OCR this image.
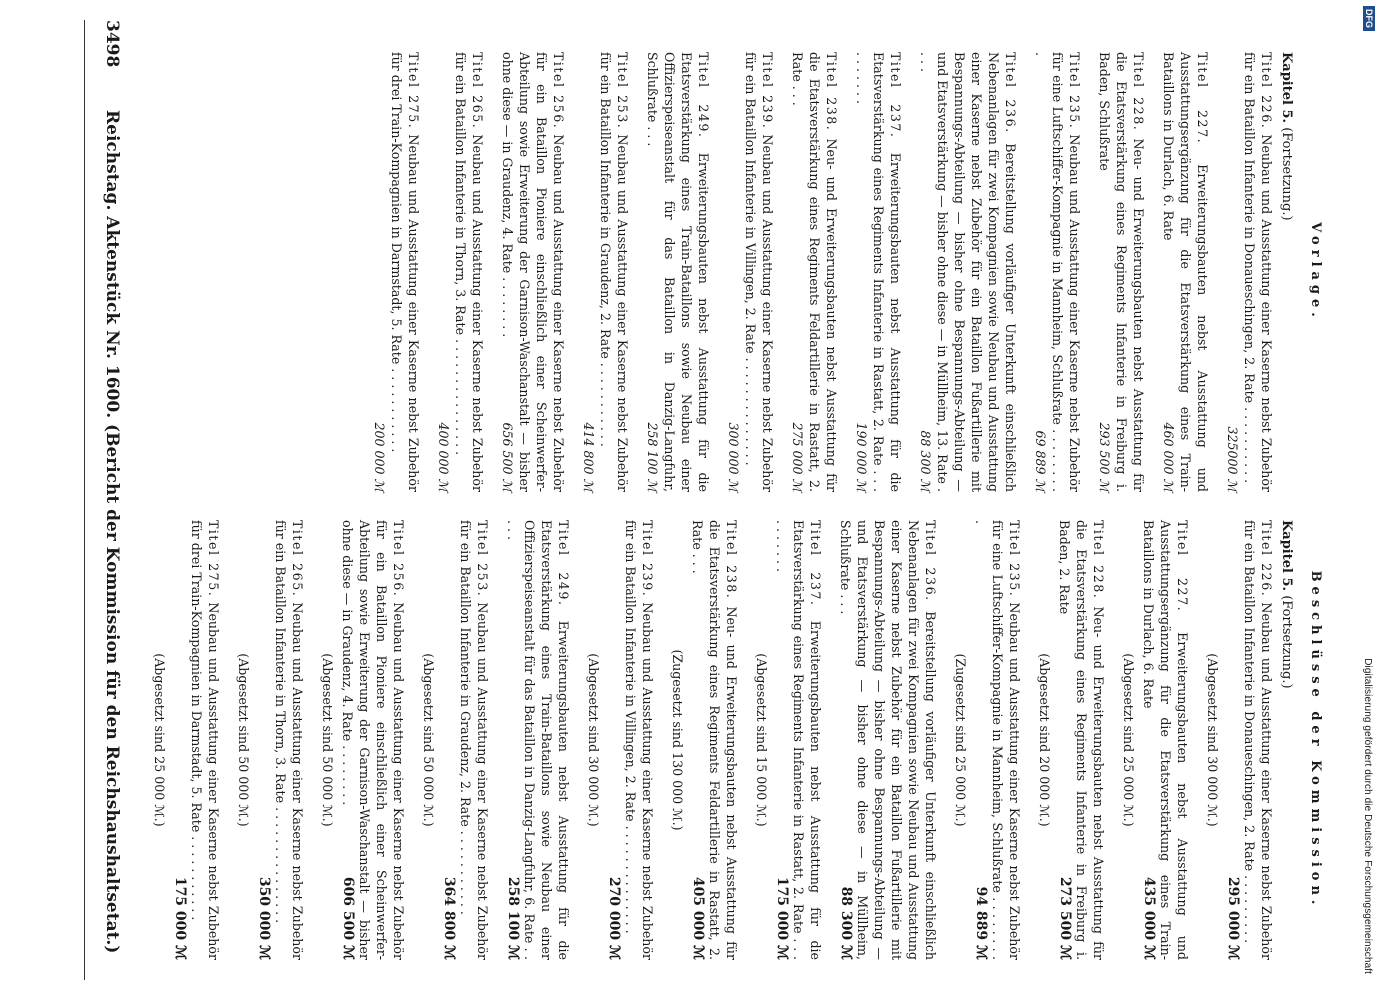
DFG
Digitalisierung gefördert durch die Deutsche Forschungsgemeinschaft
3498
Reichstag. Aktenstück Nr. 1600. (Bericht der Kommission für den Reichshaushaltsetat.)	Vorlage.
Kapitel 5. (Fortsetzung.)
Titel 226. Neubau und Ausstattung einer Kaserne nebst Zubehör für ein Bataillon Infanterie in Donaueschingen, 2. Rate . . . . . . . . . .
325000 ℳ
Titel 227. Erweiterungsbauten nebst Ausstattung und Ausstattungsergänzung für die Etatsverstärkung eines Train-Bataillons in Durlach, 6. Rate
460 000 ℳ
Titel 228. Neu- und Erweiterungsbauten nebst Ausstattung für die Etatsverstärkung eines Regiments Infanterie in Freiburg i. Baden, Schlußrate
293 500 ℳ
Titel 235. Neubau und Ausstattung einer Kaserne nebst Zubehör für eine Luftschiffer-Kompagnie in Mannheim, Schlußrate . . . . . . . . .
69 889 ℳ
Titel 236. Bereitstellung vorläufiger Unterkunft einschließlich Nebenanlagen für zwei Kompagnien sowie Neubau und Ausstattung einer Kaserne nebst Zubehör für ein Bataillon Fußartillerie mit Bespannungs-Abteilung — bisher ohne Bespannungs-Abteilung — und Etatsverstärkung — bisher ohne diese — in Müllheim, 13. Rate . . . .
88 300 ℳ
Titel 237. Erweiterungsbauten nebst Ausstattung für die Etatsverstärkung eines Regiments Infanterie in Rastatt, 2. Rate . . . . . . . . . .
190 000 ℳ
Titel 238. Neu- und Erweiterungsbauten nebst Ausstattung für die Etatsverstärkung eines Regiments Feldartillerie in Rastatt, 2. Rate . . .
275 000 ℳ
Titel 239. Neubau und Ausstattung einer Kaserne nebst Zubehör für ein Bataillon Infanterie in Villingen, 2. Rate . . . . . . . . . . . . . .
300 000 ℳ
Titel 249. Erweiterungsbauten nebst Ausstattung für die Etatsverstärkung eines Train-Bataillons sowie Neubau einer Offizierspeiseanstalt für das Bataillon in Danzig-Langfuhr, Schlußrate . . .
258 100 ℳ
Titel 253. Neubau und Ausstattung einer Kaserne nebst Zubehör für ein Bataillon Infanterie in Graudenz, 2. Rate . . . . . . . . . . .
414 800 ℳ
Titel 256. Neubau und Ausstattung einer Kaserne nebst Zubehör für ein Bataillon Pioniere einschließlich einer Scheinwerfer-Abteilung sowie Erweiterung der Garnison-Waschanstalt — bisher ohne diese — in Graudenz, 4. Rate . . . . . . . .
656 500 ℳ
Titel 265. Neubau und Ausstattung einer Kaserne nebst Zubehör für ein Bataillon Infanterie in Thorn, 3. Rate . . . . . . . . . . . . . . .
400 000 ℳ
Titel 275. Neubau und Ausstattung einer Kaserne nebst Zubehör für drei Train-Kompagnien in Darmstadt, 5. Rate . . . . . . . . . . .
200 000 ℳ
Beschlüsse der Kommission.
Kapitel 5. (Fortsetzung.)
Titel 226. Neubau und Ausstattung einer Kaserne nebst Zubehör für ein Bataillon Infanterie in Donaueschingen, 2. Rate . . . . . . . . .
295 000 ℳ
(Abgesetzt sind 30 000 ℳ.)
Titel 227. Erweiterungsbauten nebst Ausstattung und Ausstattungsergänzung für die Etatsverstärkung eines Train-Bataillons in Durlach, 6. Rate
435 000 ℳ
(Abgesetzt sind 25 000 ℳ.)
Titel 228. Neu- und Erweiterungsbauten nebst Ausstattung für die Etatsverstärkung eines Regiments Infanterie in Freiburg i. Baden, 2. Rate
273 500 ℳ
(Abgesetzt sind 20 000 ℳ.)
Titel 235. Neubau und Ausstattung einer Kaserne nebst Zubehör für eine Luftschiffer-Kompagnie in Mannheim, Schlußrate . . . . . . . . .
94 889 ℳ
(Zugesetzt sind 25 000 ℳ.)
Titel 236. Bereitstellung vorläufiger Unterkunft einschließlich Nebenanlagen für zwei Kompagnien sowie Neubau und Ausstattung einer Kaserne nebst Zubehör für ein Bataillon Fußartillerie mit Bespannungs-Abteilung — bisher ohne Bespannungs-Abteilung — und Etatsverstärkung — bisher ohne diese — in Müllheim, Schlußrate . . .
88 300 ℳ
Titel 237. Erweiterungsbauten nebst Ausstattung für die Etatsverstärkung eines Regiments Infanterie in Rastatt, 2. Rate . . . . . . . . . .
175 000 ℳ
(Abgesetzt sind 15 000 ℳ.)
Titel 238. Neu- und Erweiterungsbauten nebst Ausstattung für die Etatsverstärkung eines Regiments Feldartillerie in Rastatt, 2. Rate . . .
405 000 ℳ
(Zugesetzt sind 130 000 ℳ.)
Titel 239. Neubau und Ausstattung einer Kaserne nebst Zubehör für ein Bataillon Infanterie in Villingen, 2. Rate . . . . . . . . . . . . . .
270 000 ℳ
(Abgesetzt sind 30 000 ℳ.)
Titel 249. Erweiterungsbauten nebst Ausstattung für die Etatsverstärkung eines Train-Bataillons sowie Neubau einer Offizierspeiseanstalt für das Bataillon in Danzig-Langfuhr, 6. Rate . . . . .
258 100 ℳ
Titel 253. Neubau und Ausstattung einer Kaserne nebst Zubehör für ein Bataillon Infanterie in Graudenz, 2. Rate . . . . . . . . . . .
364 800 ℳ
(Abgesetzt sind 50 000 ℳ.)
Titel 256. Neubau und Ausstattung einer Kaserne nebst Zubehör für ein Bataillon Pioniere einschließlich einer Scheinwerfer-Abteilung sowie Erweiterung der Garnison-Waschanstalt — bisher ohne diese — in Graudenz, 4. Rate . . . . . . . .
606 500 ℳ
(Abgesetzt sind 50 000 ℳ.)
Titel 265. Neubau und Ausstattung einer Kaserne nebst Zubehör für ein Bataillon Infanterie in Thorn, 3. Rate . . . . . . . . . . . . . . .
350 000 ℳ
(Abgesetzt sind 50 000 ℳ.)
Titel 275. Neubau und Ausstattung einer Kaserne nebst Zubehör für drei Train-Kompagnien in Darmstadt, 5. Rate . . . . . . . . . . .
175 000 ℳ
(Abgesetzt sind 25 000 ℳ.)
